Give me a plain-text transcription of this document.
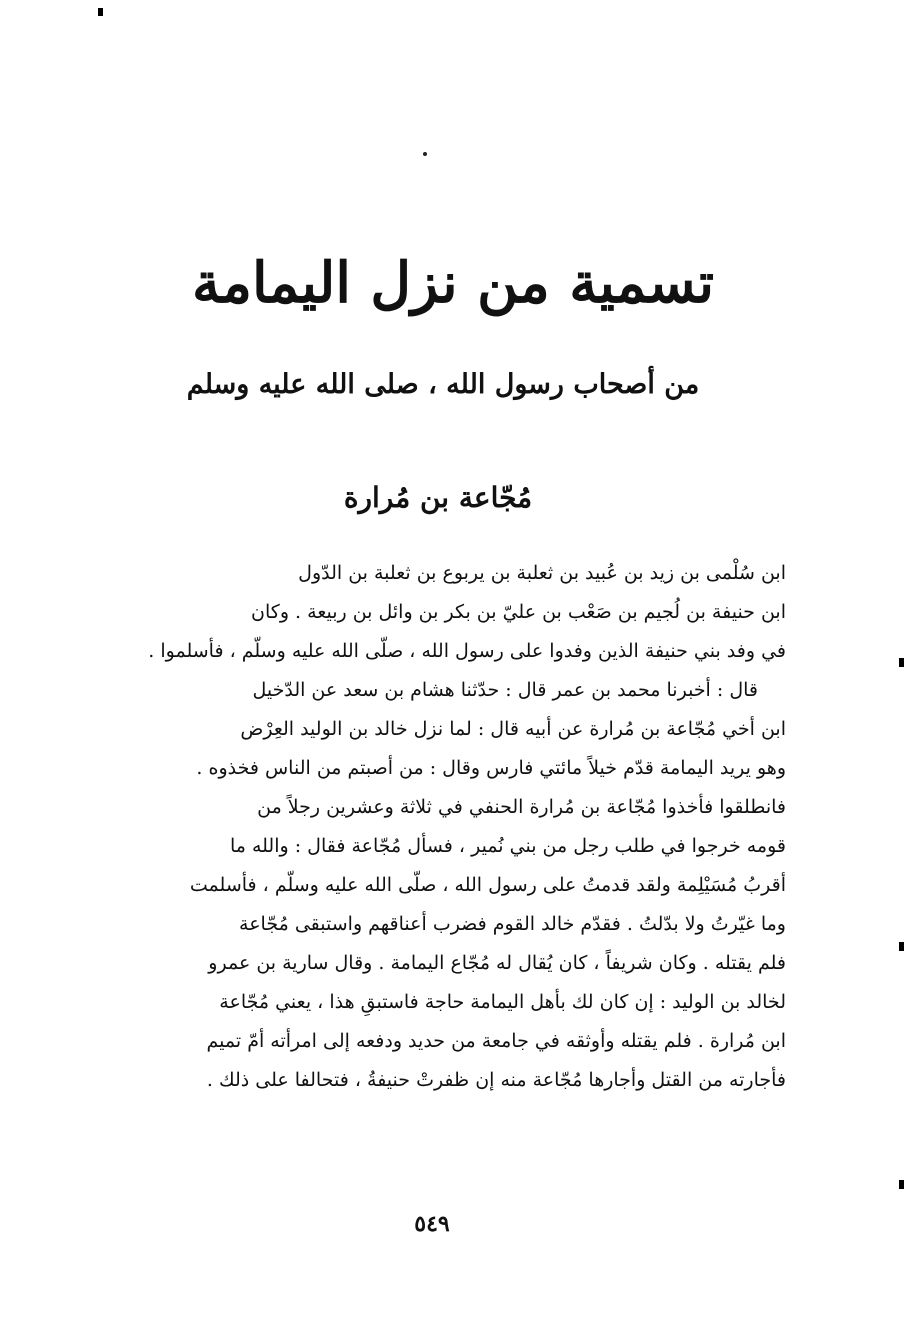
تسمية من نزل اليمامة
من أصحاب رسول الله ، صلى الله عليه وسلم
مُجّاعة بن مُرارة
ابن سُلْمى بن زيد بن عُبيد بن ثعلبة بن يربوع بن ثعلبة بن الدّول
ابن حنيفة بن لُجيم بن صَعْب بن عليّ بن بكر بن وائل بن ربيعة . وكان
في وفد بني حنيفة الذين وفدوا على رسول الله ، صلّى الله عليه وسلّم ، فأسلموا .
قال : أخبرنا محمد بن عمر قال : حدّثنا هشام بن سعد عن الدّخيل
ابن أخي مُجّاعة بن مُرارة عن أبيه قال : لما نزل خالد بن الوليد العِرْض
وهو يريد اليمامة قدّم خيلاً مائتي فارس وقال : من أصبتم من الناس فخذوه .
فانطلقوا فأخذوا مُجّاعة بن مُرارة الحنفي في ثلاثة وعشرين رجلاً من
قومه خرجوا في طلب رجل من بني نُمير ، فسأل مُجّاعة فقال : والله ما
أقربُ مُسَيْلِمة ولقد قدمتُ على رسول الله ، صلّى الله عليه وسلّم ، فأسلمت
وما غيّرتُ ولا بدّلتُ . فقدّم خالد القوم فضرب أعناقهم واستبقى مُجّاعة
فلم يقتله . وكان شريفاً ، كان يُقال له مُجّاع اليمامة . وقال سارية بن عمرو
لخالد بن الوليد : إن كان لك بأهل اليمامة حاجة فاستبقِ هذا ، يعني مُجّاعة
ابن مُرارة . فلم يقتله وأوثقه في جامعة من حديد ودفعه إلى امرأته أمّ تميم
فأجارته من القتل وأجارها مُجّاعة منه إن ظفرتْ حنيفةُ ، فتحالفا على ذلك .
٥٤٩
